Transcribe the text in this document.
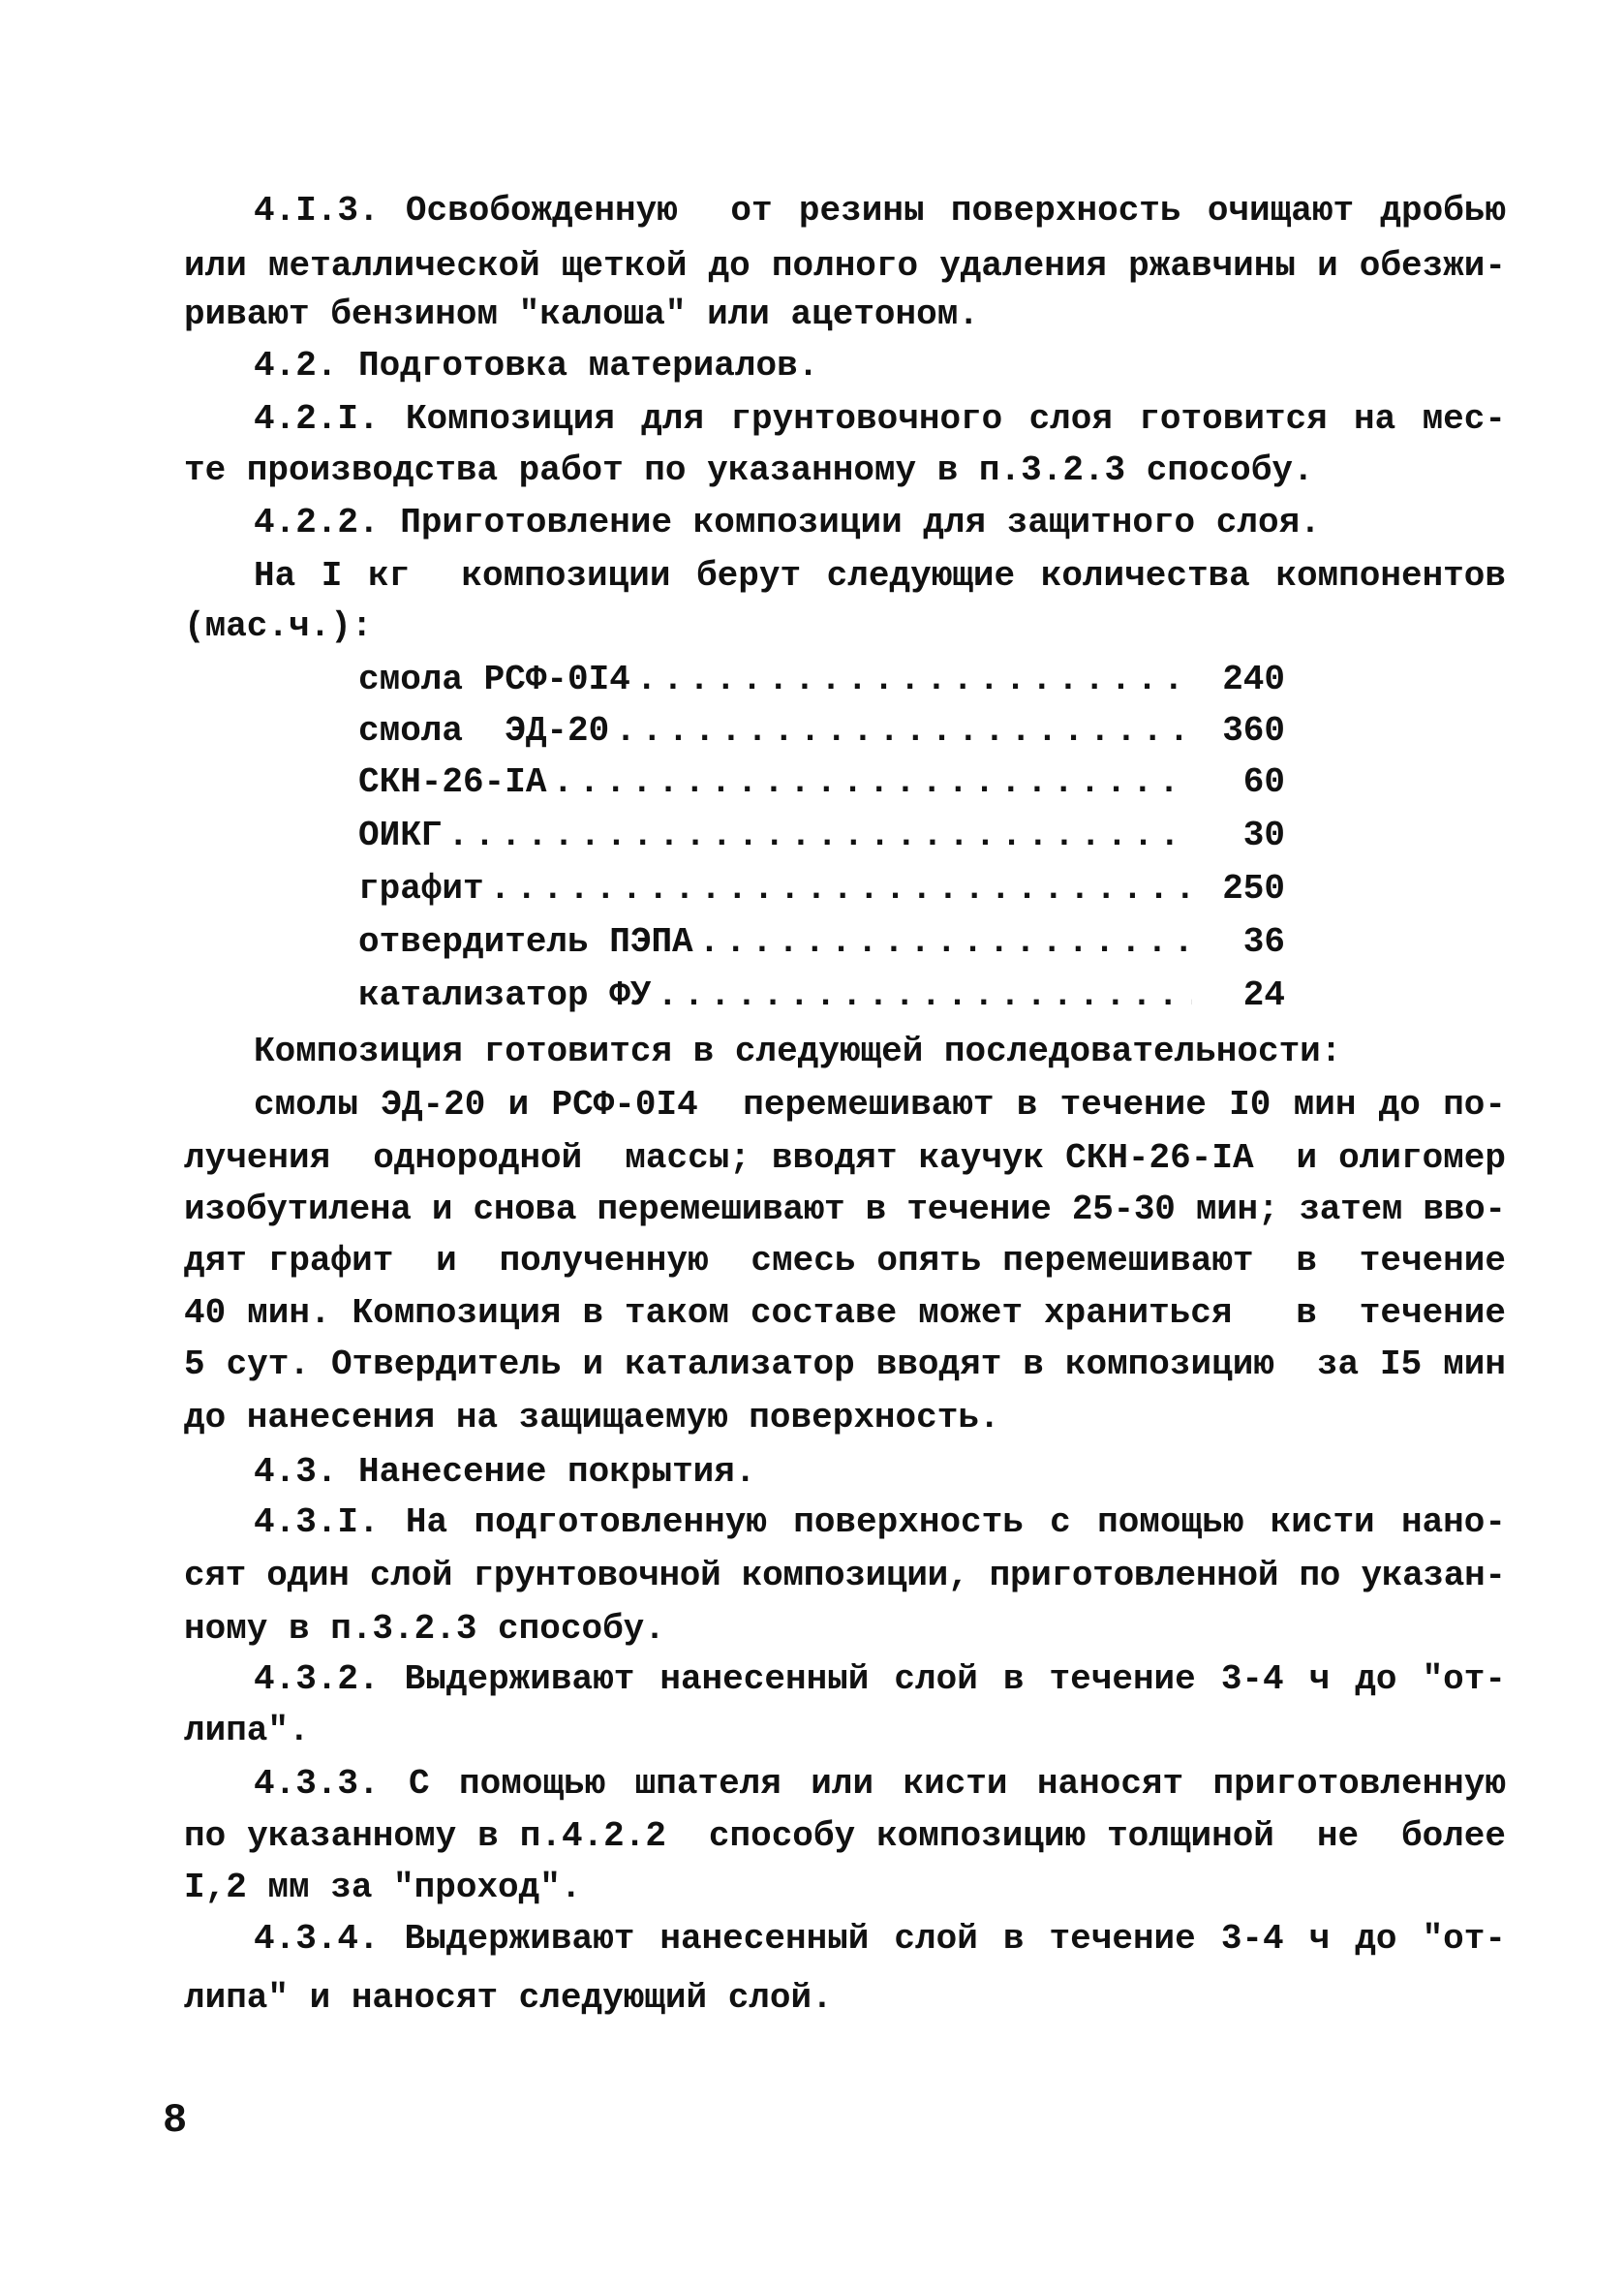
8
4.I.3. Освобожденную  от резины поверхность очищают дробью
или металлической щеткой до полного удаления ржавчины и обезжи-
ривают бензином "калоша" или ацетоном.
4.2. Подготовка материалов.
4.2.I. Композиция для грунтовочного слоя готовится на мес-
те производства работ по указанному в п.3.2.3 способу.
4.2.2. Приготовление композиции для защитного слоя.
На I кг  композиции берут следующие количества компонентов
(мас.ч.):
смола РСФ-0I4 . . .	240
смола  ЭД-20 . . .	360
СКН-26-IА . . .	60
ОИКГ . . .	30
графит . . .	250
отвердитель ПЭПА . . .	36
катализатор ФУ . . .	24
Композиция готовится в следующей последовательности:
смолы ЭД-20 и РСФ-0I4  перемешивают в течение I0 мин до по-
лучения  однородной  массы; вводят каучук СКН-26-IА  и олигомер
изобутилена и снова перемешивают в течение 25-30 мин; затем вво-
дят графит  и  полученную  смесь опять перемешивают  в  течение
40 мин. Композиция в таком составе может храниться   в  течение
5 сут. Отвердитель и катализатор вводят в композицию  за I5 мин
до нанесения на защищаемую поверхность.
4.3. Нанесение покрытия.
4.3.I. На подготовленную поверхность с помощью кисти нано-
сят один слой грунтовочной композиции, приготовленной по указан-
ному в п.3.2.3 способу.
4.3.2. Выдерживают нанесенный слой в течение 3-4 ч до "от-
липа".
4.3.3. С помощью шпателя или кисти наносят приготовленную
по указанному в п.4.2.2  способу композицию толщиной  не  более
I,2 мм за "проход".
4.3.4. Выдерживают нанесенный слой в течение 3-4 ч до "от-
липа" и наносят следующий слой.
